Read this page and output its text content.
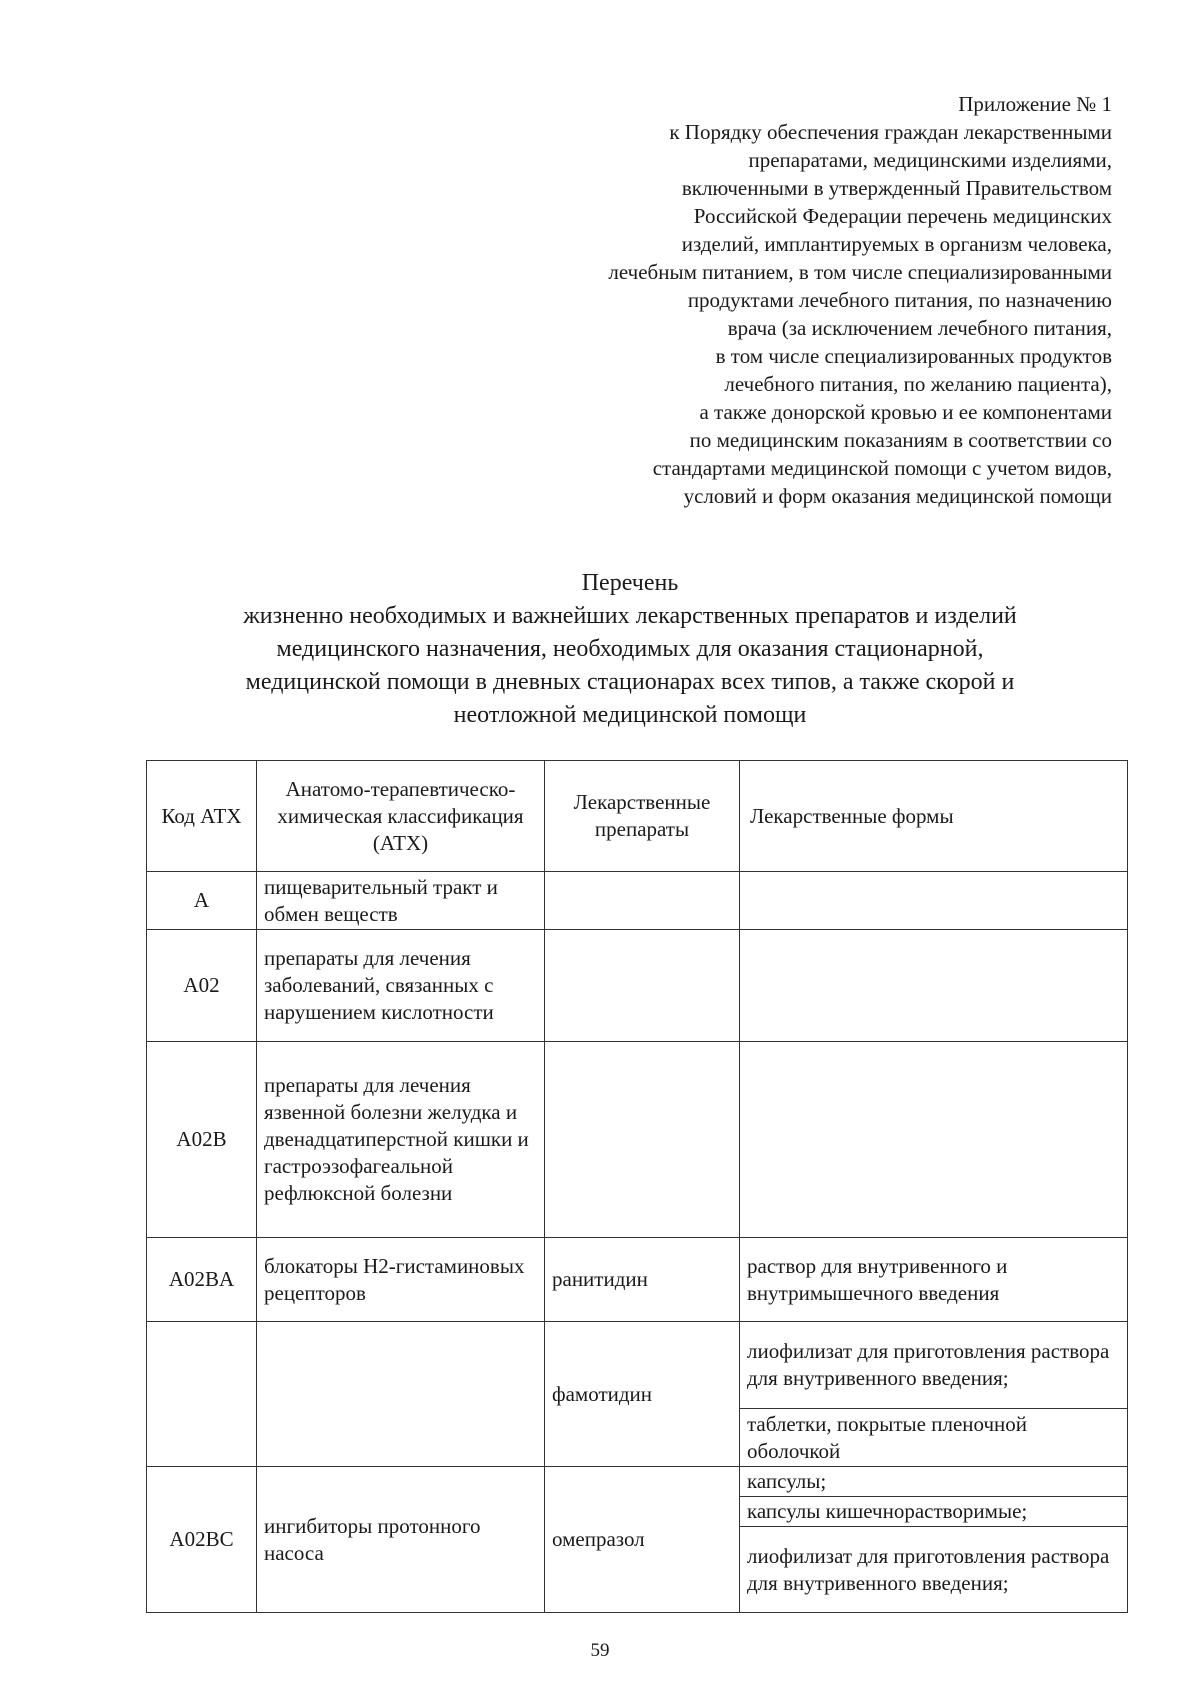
Приложение № 1
к Порядку обеспечения граждан лекарственными
препаратами, медицинскими изделиями,
включенными в утвержденный Правительством
Российской Федерации перечень медицинских
изделий, имплантируемых в организм человека,
лечебным питанием, в том числе специализированными
продуктами лечебного питания, по назначению
врача (за исключением лечебного питания,
в том числе специализированных продуктов
лечебного питания, по желанию пациента),
а также донорской кровью и ее компонентами
по медицинским показаниям в соответствии со
стандартами медицинской помощи с учетом видов,
условий и форм оказания медицинской помощи
Перечень
жизненно необходимых и важнейших лекарственных препаратов и изделий
медицинского назначения, необходимых для оказания стационарной,
медицинской помощи в дневных стационарах всех типов, а также скорой и
неотложной медицинской помощи
Код АТХ	Анатомо-терапевтическо-химическая классификация (АТХ)	Лекарственные препараты	Лекарственные формы
A	пищеварительный тракт и обмен веществ		
A02	препараты для лечения заболеваний, связанных с нарушением кислотности		
A02B	препараты для лечения язвенной болезни желудка и двенадцатиперстной кишки и гастроэзофагеальной рефлюксной болезни		
A02BA	блокаторы H2-гистаминовых рецепторов	ранитидин	раствор для внутривенного и внутримышечного введения
		фамотидин	лиофилизат для приготовления раствора для внутривенного введения;
			таблетки, покрытые пленочной оболочкой
A02BC	ингибиторы протонного насоса	омепразол	капсулы;
			капсулы кишечнорастворимые;
			лиофилизат для приготовления раствора для внутривенного введения;
59
